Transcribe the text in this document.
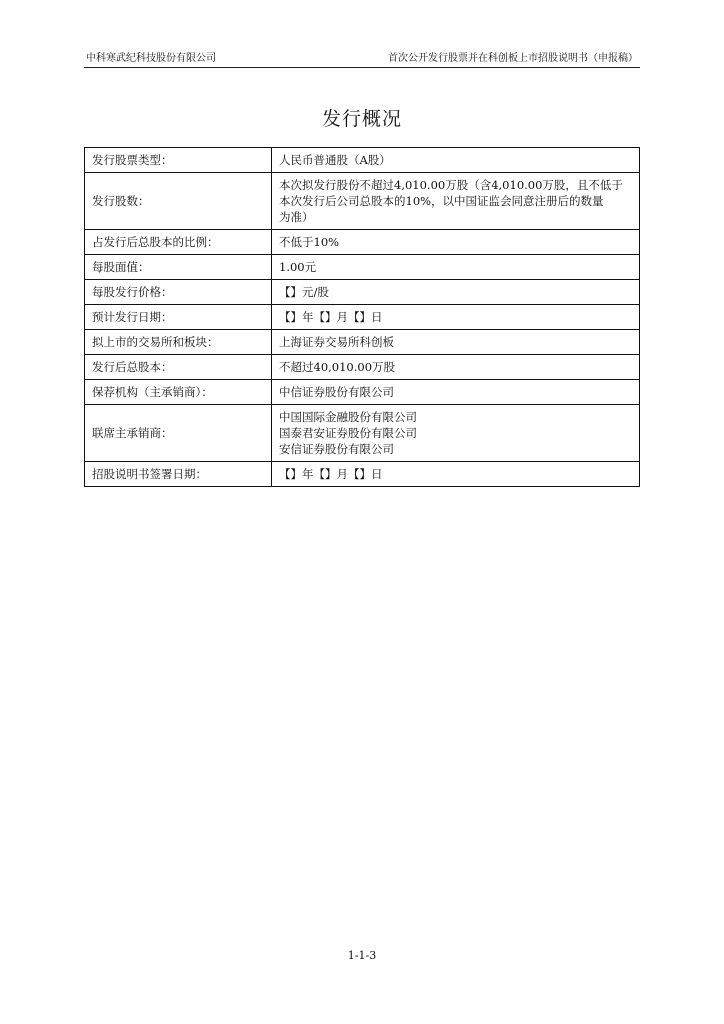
中科寒武纪科技股份有限公司	首次公开发行股票并在科创板上市招股说明书（申报稿）
发行概况
发行股票类型：	人民币普通股（A股）

发行股数：	本次拟发行股份不超过4,010.00万股（含4,010.00万股，且不低于
本次发行后公司总股本的10%，以中国证监会同意注册后的数量
为准）

占发行后总股本的比例：	不低于10%

每股面值：	1.00元

每股发行价格：	【】元/股

预计发行日期：	【】年【】月【】日

拟上市的交易所和板块：	上海证券交易所科创板

发行后总股本：	不超过40,010.00万股

保荐机构（主承销商）：	中信证券股份有限公司

联席主承销商：	中国国际金融股份有限公司
国泰君安证券股份有限公司
安信证券股份有限公司

招股说明书签署日期：	【】年【】月【】日
1-1-3
